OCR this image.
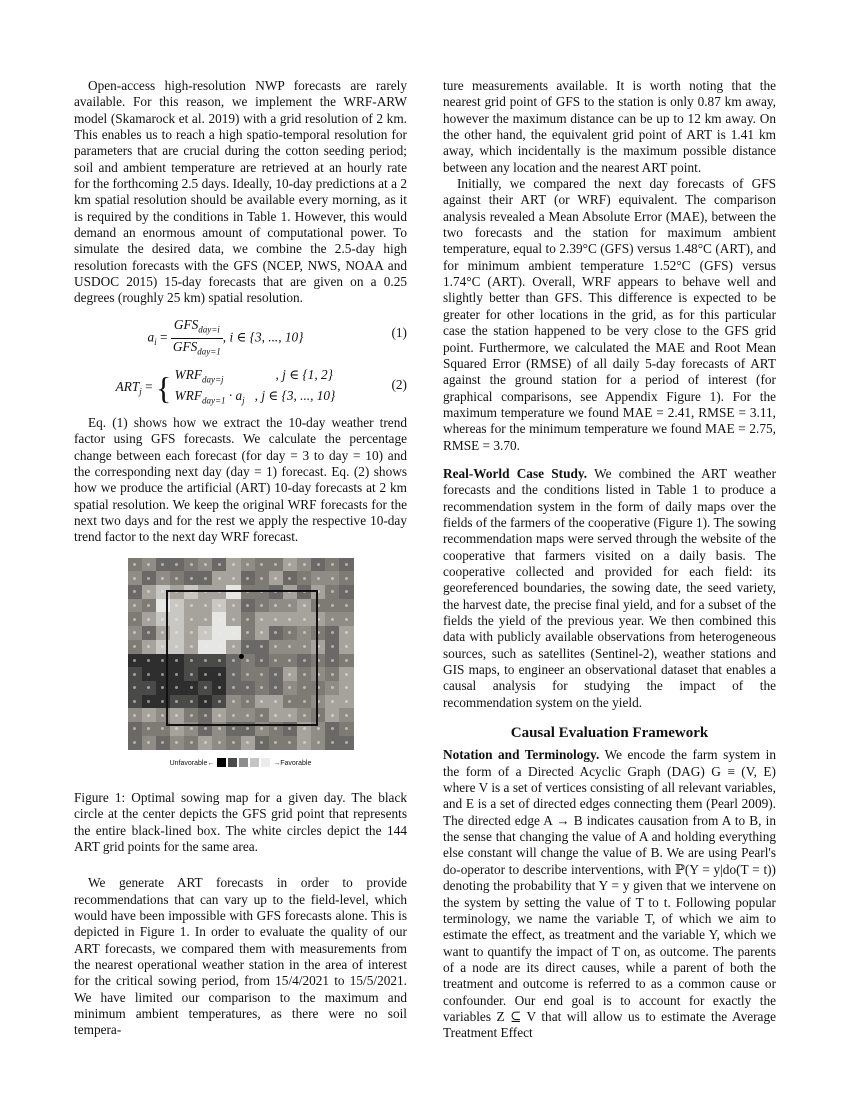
Open-access high-resolution NWP forecasts are rarely available. For this reason, we implement the WRF-ARW model (Skamarock et al. 2019) with a grid resolution of 2 km. This enables us to reach a high spatio-temporal resolution for parameters that are crucial during the cotton seeding period; soil and ambient temperature are retrieved at an hourly rate for the forthcoming 2.5 days. Ideally, 10-day predictions at a 2 km spatial resolution should be available every morning, as it is required by the conditions in Table 1. However, this would demand an enormous amount of computational power. To simulate the desired data, we combine the 2.5-day high resolution forecasts with the GFS (NCEP, NWS, NOAA and USDOC 2015) 15-day forecasts that are given on a 0.25 degrees (roughly 25 km) spatial resolution.

$a_i = \frac{GFS_{day=i}}{GFS_{day=1}}$ , i ∈ {3, ..., 10}	(1)
$ART_j$ = { $WRF_{day=j}$	, j ∈ {1, 2}
$WRF_{day=1} \cdot a_j$ , j ∈ {3, ..., 10}
(2)

Eq. (1) shows how we extract the 10-day weather trend factor using GFS forecasts. We calculate the percentage change between each forecast (for day = 3 to day = 10) and the corresponding next day (day = 1) forecast. Eq. (2) shows how we produce the artificial (ART) 10-day forecasts at 2 km spatial resolution. We keep the original WRF forecasts for the next two days and for the rest we apply the respective 10-day trend factor to the next day WRF forecast.

Unfavorable←	→Favorable

Figure 1: Optimal sowing map for a given day. The black circle at the center depicts the GFS grid point that represents the entire black-lined box. The white circles depict the 144 ART grid points for the same area.

We generate ART forecasts in order to provide recommendations that can vary up to the field-level, which would have been impossible with GFS forecasts alone. This is depicted in Figure 1. In order to evaluate the quality of our ART forecasts, we compared them with measurements from the nearest operational weather station in the area of interest for the critical sowing period, from 15/4/2021 to 15/5/2021. We have limited our comparison to the maximum and minimum ambient temperatures, as there were no soil tempera-

ture measurements available. It is worth noting that the nearest grid point of GFS to the station is only 0.87 km away, however the maximum distance can be up to 12 km away. On the other hand, the equivalent grid point of ART is 1.41 km away, which incidentally is the maximum possible distance between any location and the nearest ART point.

Initially, we compared the next day forecasts of GFS against their ART (or WRF) equivalent. The comparison analysis revealed a Mean Absolute Error (MAE), between the two forecasts and the station for maximum ambient temperature, equal to 2.39°C (GFS) versus 1.48°C (ART), and for minimum ambient temperature 1.52°C (GFS) versus 1.74°C (ART). Overall, WRF appears to behave well and slightly better than GFS. This difference is expected to be greater for other locations in the grid, as for this particular case the station happened to be very close to the GFS grid point. Furthermore, we calculated the MAE and Root Mean Squared Error (RMSE) of all daily 5-day forecasts of ART against the ground station for a period of interest (for graphical comparisons, see Appendix Figure 1). For the maximum temperature we found MAE = 2.41, RMSE = 3.11, whereas for the minimum temperature we found MAE = 2.75, RMSE = 3.70.

Real-World Case Study. We combined the ART weather forecasts and the conditions listed in Table 1 to produce a recommendation system in the form of daily maps over the fields of the farmers of the cooperative (Figure 1). The sowing recommendation maps were served through the website of the cooperative that farmers visited on a daily basis. The cooperative collected and provided for each field: its georeferenced boundaries, the sowing date, the seed variety, the harvest date, the precise final yield, and for a subset of the fields the yield of the previous year. We then combined this data with publicly available observations from heterogeneous sources, such as satellites (Sentinel-2), weather stations and GIS maps, to engineer an observational dataset that enables a causal analysis for studying the impact of the recommendation system on the yield.

Causal Evaluation Framework

Notation and Terminology. We encode the farm system in the form of a Directed Acyclic Graph (DAG) G ≡ (V, E) where V is a set of vertices consisting of all relevant variables, and E is a set of directed edges connecting them (Pearl 2009). The directed edge A → B indicates causation from A to B, in the sense that changing the value of A and holding everything else constant will change the value of B. We are using Pearl's do-operator to describe interventions, with ℙ(Y = y|do(T = t)) denoting the probability that Y = y given that we intervene on the system by setting the value of T to t. Following popular terminology, we name the variable T, of which we aim to estimate the effect, as treatment and the variable Y, which we want to quantify the impact of T on, as outcome. The parents of a node are its direct causes, while a parent of both the treatment and outcome is referred to as a common cause or confounder. Our end goal is to account for exactly the variables Z ⊆ V that will allow us to estimate the Average Treatment Effect
